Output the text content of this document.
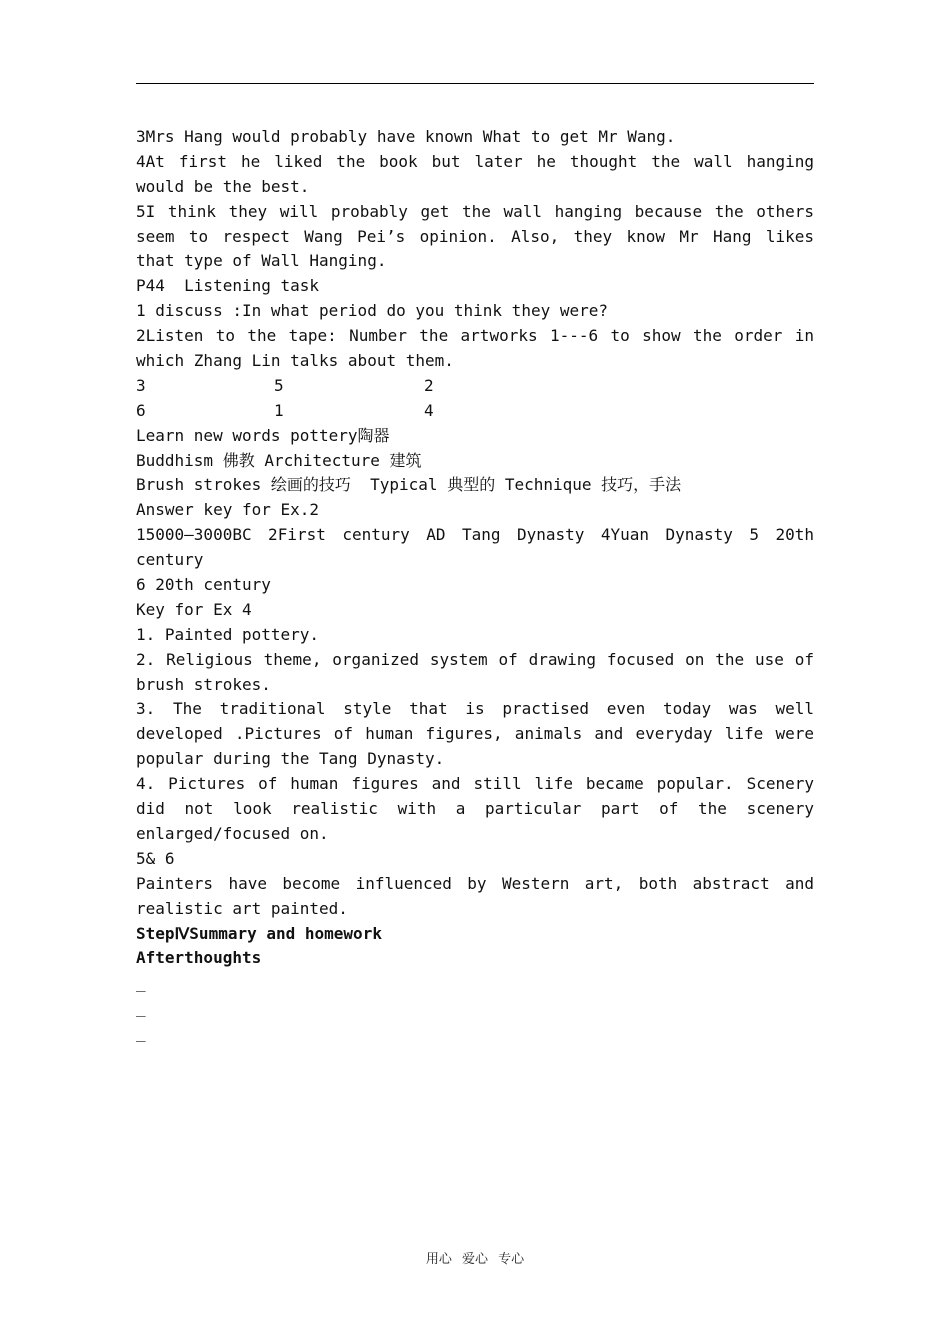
3Mrs Hang would probably have known What to get Mr Wang.
4At first he liked the book but later he thought the wall hanging
would be the best.
5I think they will probably get the wall hanging because the others
seem to respect Wang Pei’s opinion. Also, they know Mr Hang likes
that type of Wall Hanging.
P44  Listening task
1 discuss :In what period do you think they were?
2Listen to the tape: Number the artworks 1---6 to show the order in
which Zhang Lin talks about them.
3	5	2
6	1	4
Learn new words pottery陶器
Buddhism 佛教 Architecture 建筑
Brush strokes 绘画的技巧  Typical 典型的 Technique 技巧，手法
Answer key for Ex.2
15000—3000BC 2First century AD Tang Dynasty 4Yuan Dynasty 5 20th
century
6 20th century
Key for Ex 4
1. Painted pottery.
2. Religious theme, organized system of drawing focused on the use of
brush strokes.
3. The traditional style that is practised even today was well
developed .Pictures of human figures, animals and everyday life were
popular during the Tang Dynasty.
4. Pictures of human figures and still life became popular. Scenery
did not look realistic with a particular part of the scenery
enlarged/focused on.
5& 6
Painters have become influenced by Western art, both abstract and
realistic art painted.
StepⅣSummary and homework
Afterthoughts
_
_
_
用心 爱心 专心
